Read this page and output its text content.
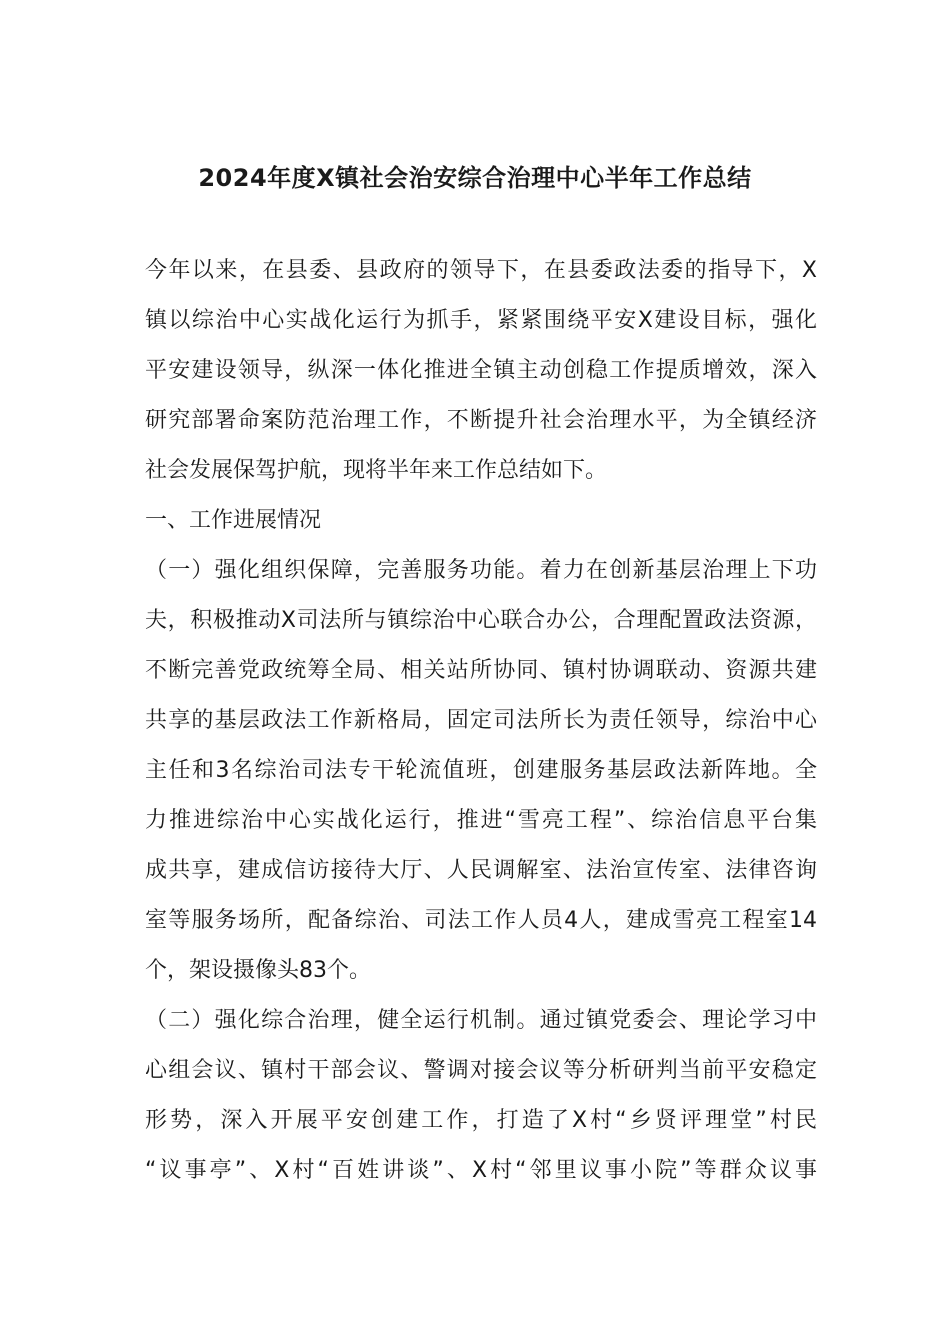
2024年度X镇社会治安综合治理中心半年工作总结
今年以来，在县委、县政府的领导下，在县委政法委的指导下，X
镇以综治中心实战化运行为抓手，紧紧围绕平安X建设目标，强化
平安建设领导，纵深一体化推进全镇主动创稳工作提质增效，深入
研究部署命案防范治理工作，不断提升社会治理水平，为全镇经济
社会发展保驾护航，现将半年来工作总结如下。
一、工作进展情况
（一）强化组织保障，完善服务功能。着力在创新基层治理上下功
夫，积极推动X司法所与镇综治中心联合办公，合理配置政法资源，
不断完善党政统筹全局、相关站所协同、镇村协调联动、资源共建
共享的基层政法工作新格局，固定司法所长为责任领导，综治中心
主任和3名综治司法专干轮流值班，创建服务基层政法新阵地。全
力推进综治中心实战化运行，推进“雪亮工程”、综治信息平台集
成共享，建成信访接待大厅、人民调解室、法治宣传室、法律咨询
室等服务场所，配备综治、司法工作人员4人，建成雪亮工程室14
个，架设摄像头83个。
（二）强化综合治理，健全运行机制。通过镇党委会、理论学习中
心组会议、镇村干部会议、警调对接会议等分析研判当前平安稳定
形势，深入开展平安创建工作，打造了X村“乡贤评理堂”村民
“议事亭”、X村“百姓讲谈”、X村“邻里议事小院”等群众议事
